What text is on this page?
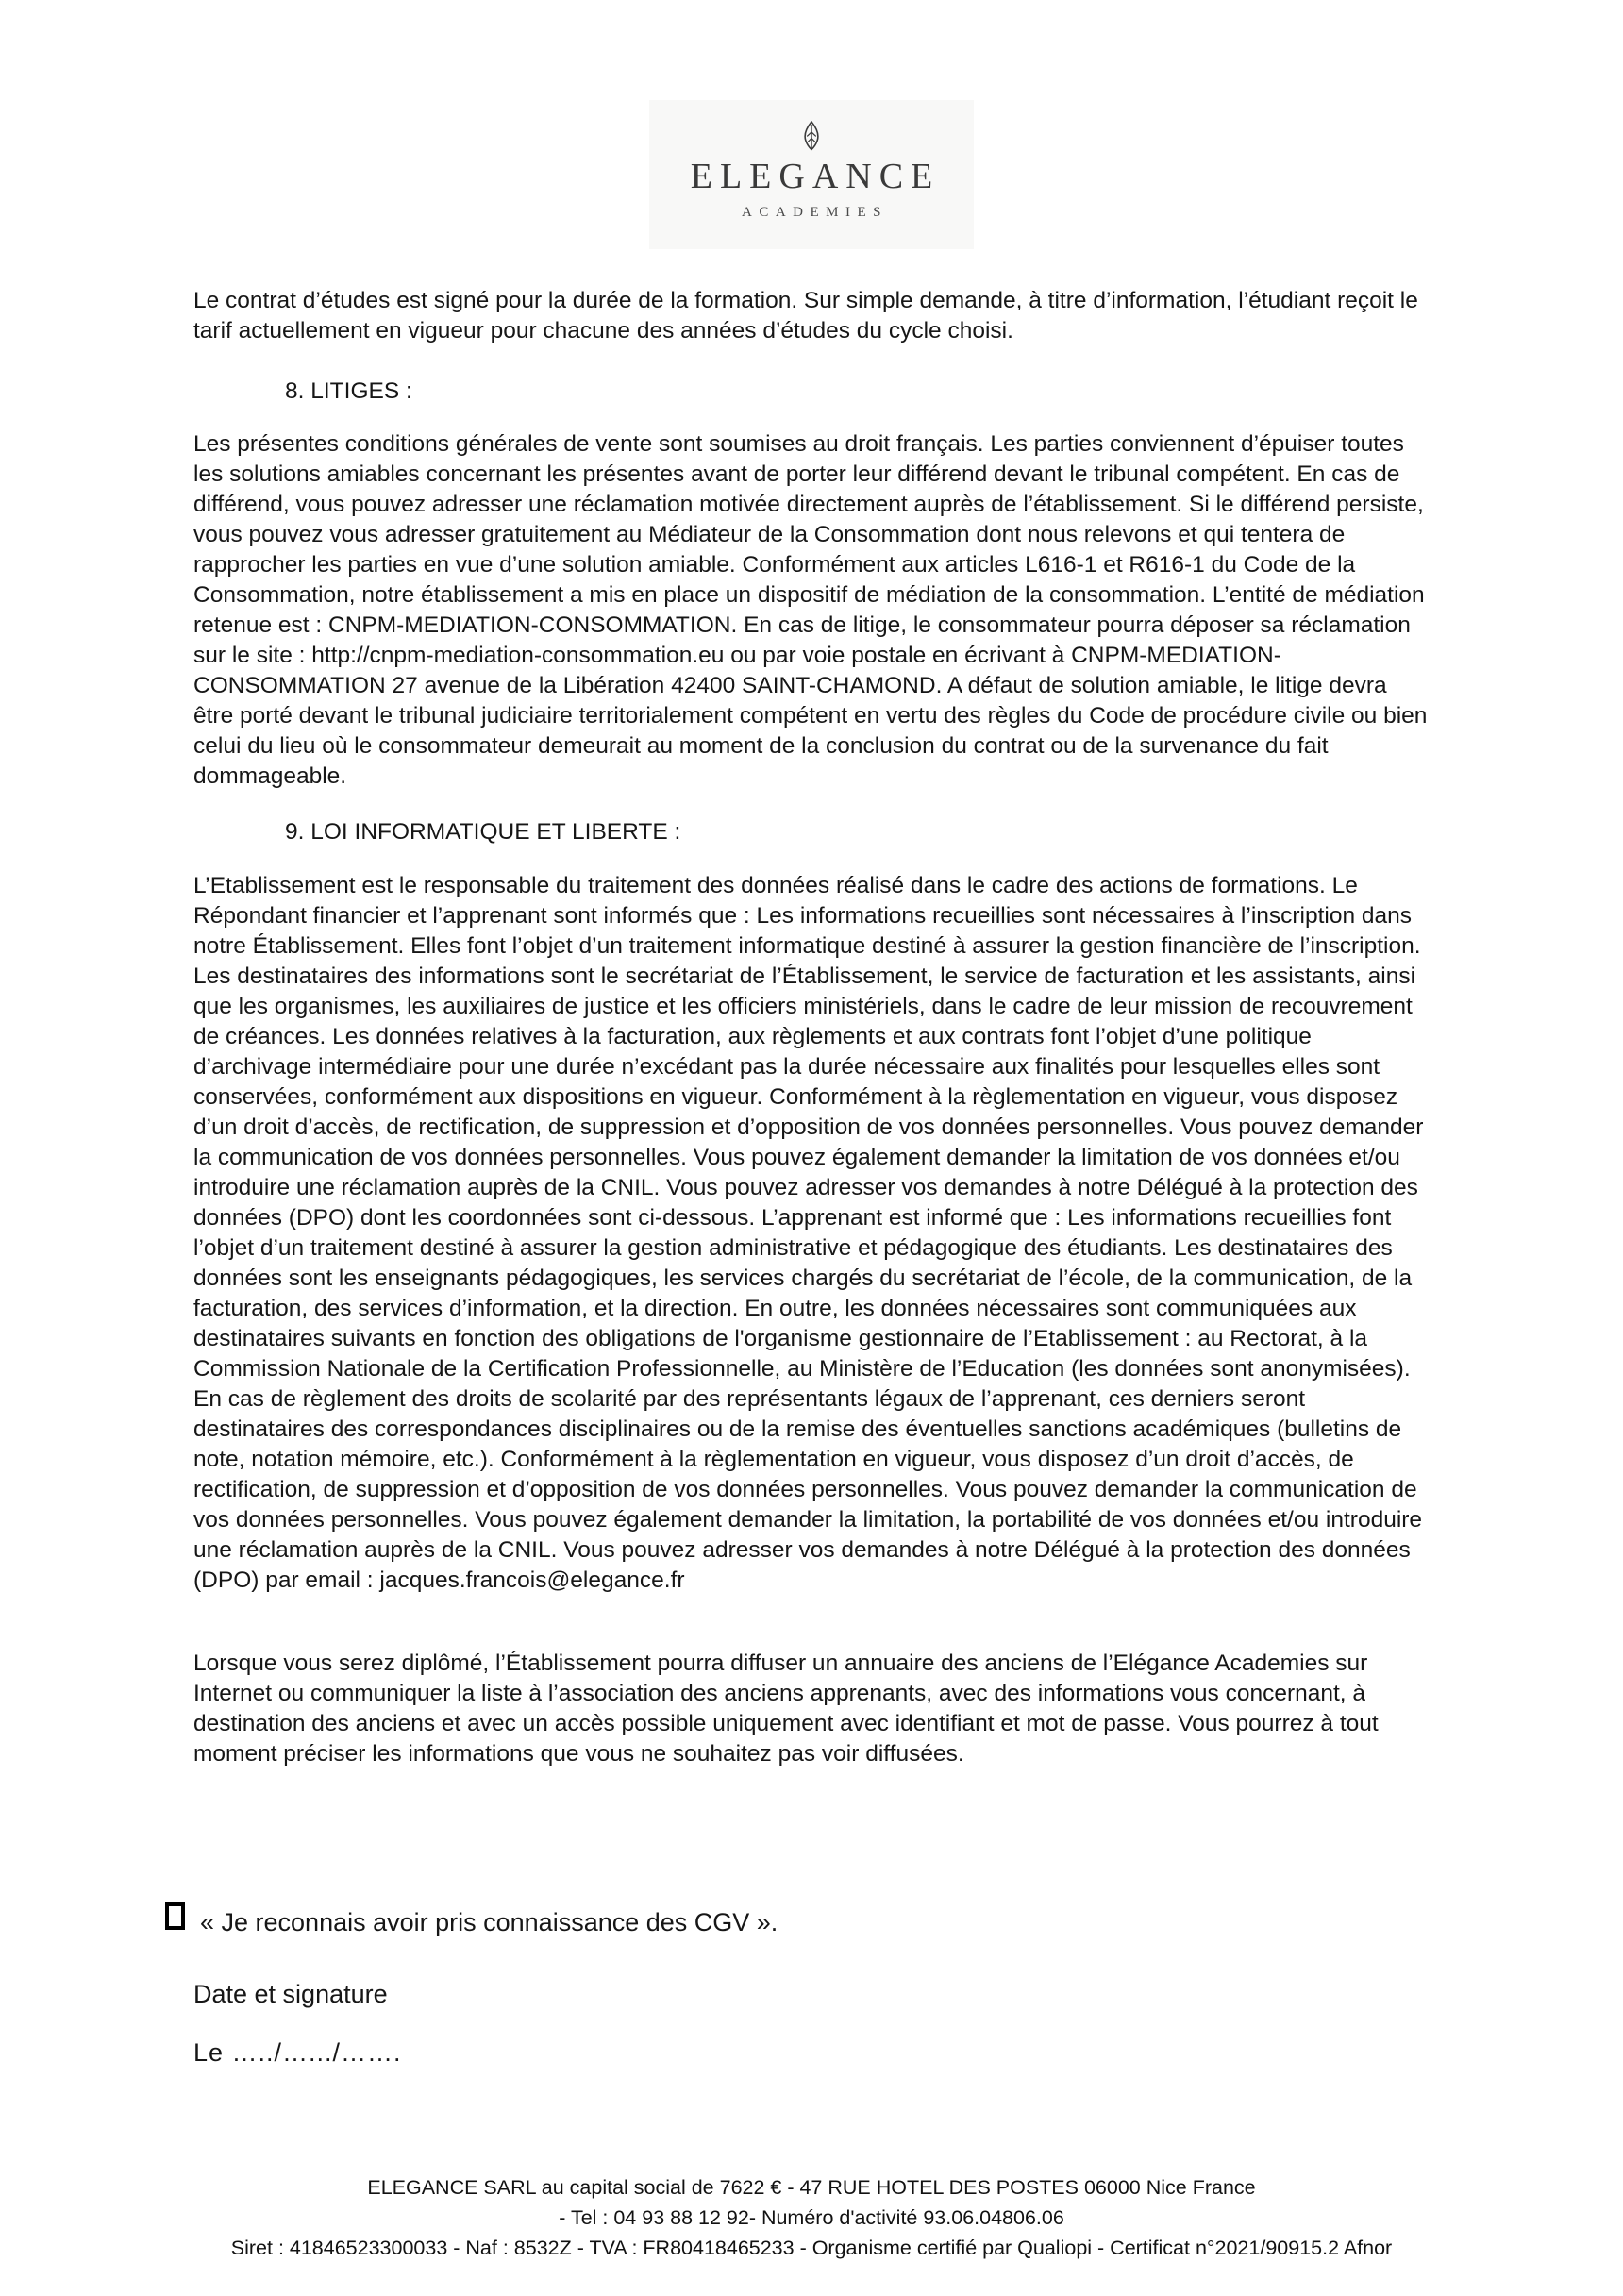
ELEGANCE
ACADEMIES

Le contrat d’études est signé pour la durée de la formation. Sur simple demande, à titre d’information, l’étudiant reçoit le tarif actuellement en vigueur pour chacune des années d’études du cycle choisi.

8. LITIGES :

Les présentes conditions générales de vente sont soumises au droit français. Les parties conviennent d’épuiser toutes les solutions amiables concernant les présentes avant de porter leur différend devant le tribunal compétent. En cas de différend, vous pouvez adresser une réclamation motivée directement auprès de l’établissement. Si le différend persiste, vous pouvez vous adresser gratuitement au Médiateur de la Consommation dont nous relevons et qui tentera de rapprocher les parties en vue d’une solution amiable. Conformément aux articles L616-1 et R616-1 du Code de la Consommation, notre établissement a mis en place un dispositif de médiation de la consommation. L’entité de médiation retenue est : CNPM-MEDIATION-CONSOMMATION. En cas de litige, le consommateur pourra déposer sa réclamation sur le site : http://cnpm-mediation-consommation.eu ou par voie postale en écrivant à CNPM-MEDIATION-CONSOMMATION 27 avenue de la Libération 42400 SAINT-CHAMOND. A défaut de solution amiable, le litige devra être porté devant le tribunal judiciaire territorialement compétent en vertu des règles du Code de procédure civile ou bien celui du lieu où le consommateur demeurait au moment de la conclusion du contrat ou de la survenance du fait dommageable.

9. LOI INFORMATIQUE ET LIBERTE :

L’Etablissement est le responsable du traitement des données réalisé dans le cadre des actions de formations. Le Répondant financier et l’apprenant sont informés que : Les informations recueillies sont nécessaires à l’inscription dans notre Établissement. Elles font l’objet d’un traitement informatique destiné à assurer la gestion financière de l’inscription. Les destinataires des informations sont le secrétariat de l’Établissement, le service de facturation et les assistants, ainsi que les organismes, les auxiliaires de justice et les officiers ministériels, dans le cadre de leur mission de recouvrement de créances. Les données relatives à la facturation, aux règlements et aux contrats font l’objet d’une politique d’archivage intermédiaire pour une durée n’excédant pas la durée nécessaire aux finalités pour lesquelles elles sont conservées, conformément aux dispositions en vigueur. Conformément à la règlementation en vigueur, vous disposez d’un droit d’accès, de rectification, de suppression et d’opposition de vos données personnelles. Vous pouvez demander la communication de vos données personnelles. Vous pouvez également demander la limitation de vos données et/ou introduire une réclamation auprès de la CNIL. Vous pouvez adresser vos demandes à notre Délégué à la protection des données (DPO) dont les coordonnées sont ci-dessous. L’apprenant est informé que : Les informations recueillies font l’objet d’un traitement destiné à assurer la gestion administrative et pédagogique des étudiants. Les destinataires des données sont les enseignants pédagogiques, les services chargés du secrétariat de l’école, de la communication, de la facturation, des services d’information, et la direction. En outre, les données nécessaires sont communiquées aux destinataires suivants en fonction des obligations de l'organisme gestionnaire de l’Etablissement : au Rectorat, à la Commission Nationale de la Certification Professionnelle, au Ministère de l’Education (les données sont anonymisées). En cas de règlement des droits de scolarité par des représentants légaux de l’apprenant, ces derniers seront destinataires des correspondances disciplinaires ou de la remise des éventuelles sanctions académiques (bulletins de note, notation mémoire, etc.). Conformément à la règlementation en vigueur, vous disposez d’un droit d’accès, de rectification, de suppression et d’opposition de vos données personnelles. Vous pouvez demander la communication de vos données personnelles. Vous pouvez également demander la limitation, la portabilité de vos données et/ou introduire une réclamation auprès de la CNIL. Vous pouvez adresser vos demandes à notre Délégué à la protection des données (DPO) par email : jacques.francois@elegance.fr

Lorsque vous serez diplômé, l’Établissement pourra diffuser un annuaire des anciens de l’Elégance Academies sur Internet ou communiquer la liste à l’association des anciens apprenants, avec des informations vous concernant, à destination des anciens et avec un accès possible uniquement avec identifiant et mot de passe. Vous pourrez à tout moment préciser les informations que vous ne souhaitez pas voir diffusées.

« Je reconnais avoir pris connaissance des CGV ».

Date et signature

Le …../….../…….

ELEGANCE SARL au capital social de 7622 € - 47 RUE HOTEL DES POSTES 06000 Nice France
- Tel : 04 93 88 12 92- Numéro d'activité 93.06.04806.06
Siret : 41846523300033 - Naf : 8532Z - TVA : FR80418465233 - Organisme certifié par Qualiopi - Certificat n°2021/90915.2 Afnor
